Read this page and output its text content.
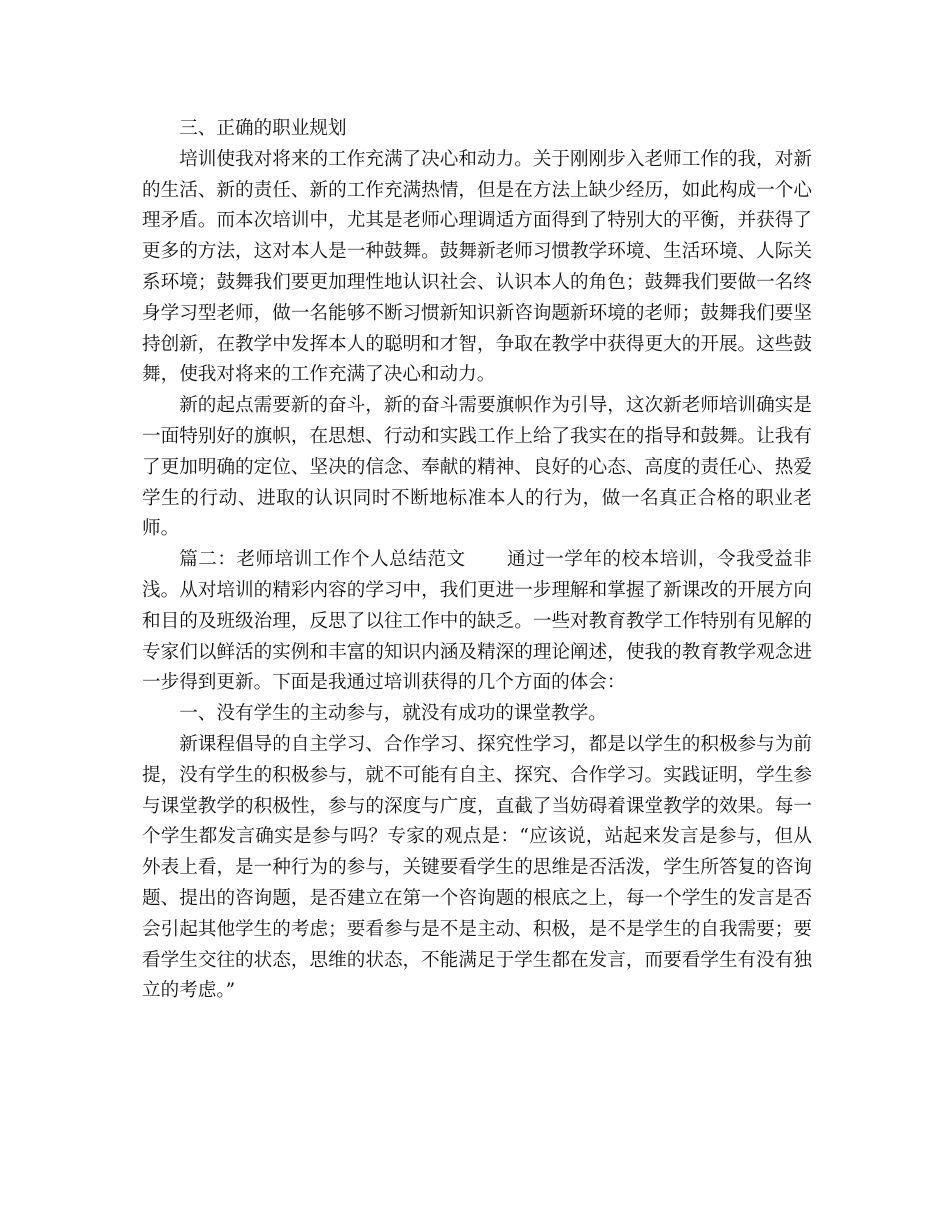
三、正确的职业规划

培训使我对将来的工作充满了决心和动力。关于刚刚步入老师工作的我，对新的生活、新的责任、新的工作充满热情，但是在方法上缺少经历，如此构成一个心理矛盾。而本次培训中，尤其是老师心理调适方面得到了特别大的平衡，并获得了更多的方法，这对本人是一种鼓舞。鼓舞新老师习惯教学环境、生活环境、人际关系环境；鼓舞我们要更加理性地认识社会、认识本人的角色；鼓舞我们要做一名终身学习型老师，做一名能够不断习惯新知识新咨询题新环境的老师；鼓舞我们要坚持创新，在教学中发挥本人的聪明和才智，争取在教学中获得更大的开展。这些鼓舞，使我对将来的工作充满了决心和动力。

新的起点需要新的奋斗，新的奋斗需要旗帜作为引导，这次新老师培训确实是一面特别好的旗帜，在思想、行动和实践工作上给了我实在的指导和鼓舞。让我有了更加明确的定位、坚决的信念、奉献的精神、良好的心态、高度的责任心、热爱学生的行动、进取的认识同时不断地标准本人的行为，做一名真正合格的职业老师。

篇二：老师培训工作个人总结范文 通过一学年的校本培训，令我受益非浅。从对培训的精彩内容的学习中，我们更进一步理解和掌握了新课改的开展方向和目的及班级治理，反思了以往工作中的缺乏。一些对教育教学工作特别有见解的专家们以鲜活的实例和丰富的知识内涵及精深的理论阐述，使我的教育教学观念进一步得到更新。下面是我通过培训获得的几个方面的体会：

一、没有学生的主动参与，就没有成功的课堂教学。

新课程倡导的自主学习、合作学习、探究性学习，都是以学生的积极参与为前提，没有学生的积极参与，就不可能有自主、探究、合作学习。实践证明，学生参与课堂教学的积极性，参与的深度与广度，直截了当妨碍着课堂教学的效果。每一个学生都发言确实是参与吗？专家的观点是：“应该说，站起来发言是参与，但从外表上看，是一种行为的参与，关键要看学生的思维是否活泼，学生所答复的咨询题、提出的咨询题，是否建立在第一个咨询题的根底之上，每一个学生的发言是否会引起其他学生的考虑；要看参与是不是主动、积极，是不是学生的自我需要；要看学生交往的状态，思维的状态，不能满足于学生都在发言，而要看学生有没有独立的考虑。”
